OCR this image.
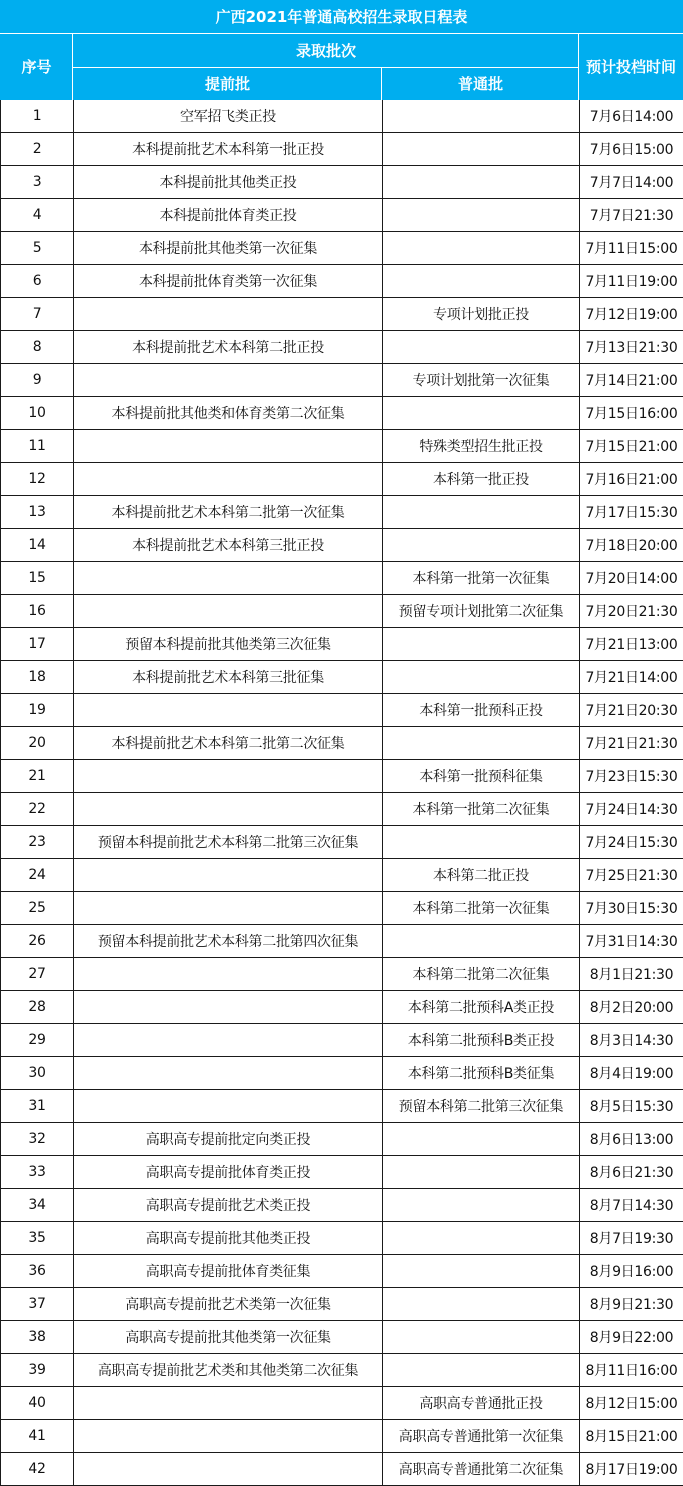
广西2021年普通高校招生录取日程表
序号
录取批次
提前批	普通批
预计投档时间
1	空军招飞类正投		7月6日14:00
2	本科提前批艺术本科第一批正投		7月6日15:00
3	本科提前批其他类正投		7月7日14:00
4	本科提前批体育类正投		7月7日21:30
5	本科提前批其他类第一次征集		7月11日15:00
6	本科提前批体育类第一次征集		7月11日19:00
7		专项计划批正投	7月12日19:00
8	本科提前批艺术本科第二批正投		7月13日21:30
9		专项计划批第一次征集	7月14日21:00
10	本科提前批其他类和体育类第二次征集		7月15日16:00
11		特殊类型招生批正投	7月15日21:00
12		本科第一批正投	7月16日21:00
13	本科提前批艺术本科第二批第一次征集		7月17日15:30
14	本科提前批艺术本科第三批正投		7月18日20:00
15		本科第一批第一次征集	7月20日14:00
16		预留专项计划批第二次征集	7月20日21:30
17	预留本科提前批其他类第三次征集		7月21日13:00
18	本科提前批艺术本科第三批征集		7月21日14:00
19		本科第一批预科正投	7月21日20:30
20	本科提前批艺术本科第二批第二次征集		7月21日21:30
21		本科第一批预科征集	7月23日15:30
22		本科第一批第二次征集	7月24日14:30
23	预留本科提前批艺术本科第二批第三次征集		7月24日15:30
24		本科第二批正投	7月25日21:30
25		本科第二批第一次征集	7月30日15:30
26	预留本科提前批艺术本科第二批第四次征集		7月31日14:30
27		本科第二批第二次征集	8月1日21:30
28		本科第二批预科A类正投	8月2日20:00
29		本科第二批预科B类正投	8月3日14:30
30		本科第二批预科B类征集	8月4日19:00
31		预留本科第二批第三次征集	8月5日15:30
32	高职高专提前批定向类正投		8月6日13:00
33	高职高专提前批体育类正投		8月6日21:30
34	高职高专提前批艺术类正投		8月7日14:30
35	高职高专提前批其他类正投		8月7日19:30
36	高职高专提前批体育类征集		8月9日16:00
37	高职高专提前批艺术类第一次征集		8月9日21:30
38	高职高专提前批其他类第一次征集		8月9日22:00
39	高职高专提前批艺术类和其他类第二次征集		8月11日16:00
40		高职高专普通批正投	8月12日15:00
41		高职高专普通批第一次征集	8月15日21:00
42		高职高专普通批第二次征集	8月17日19:00
